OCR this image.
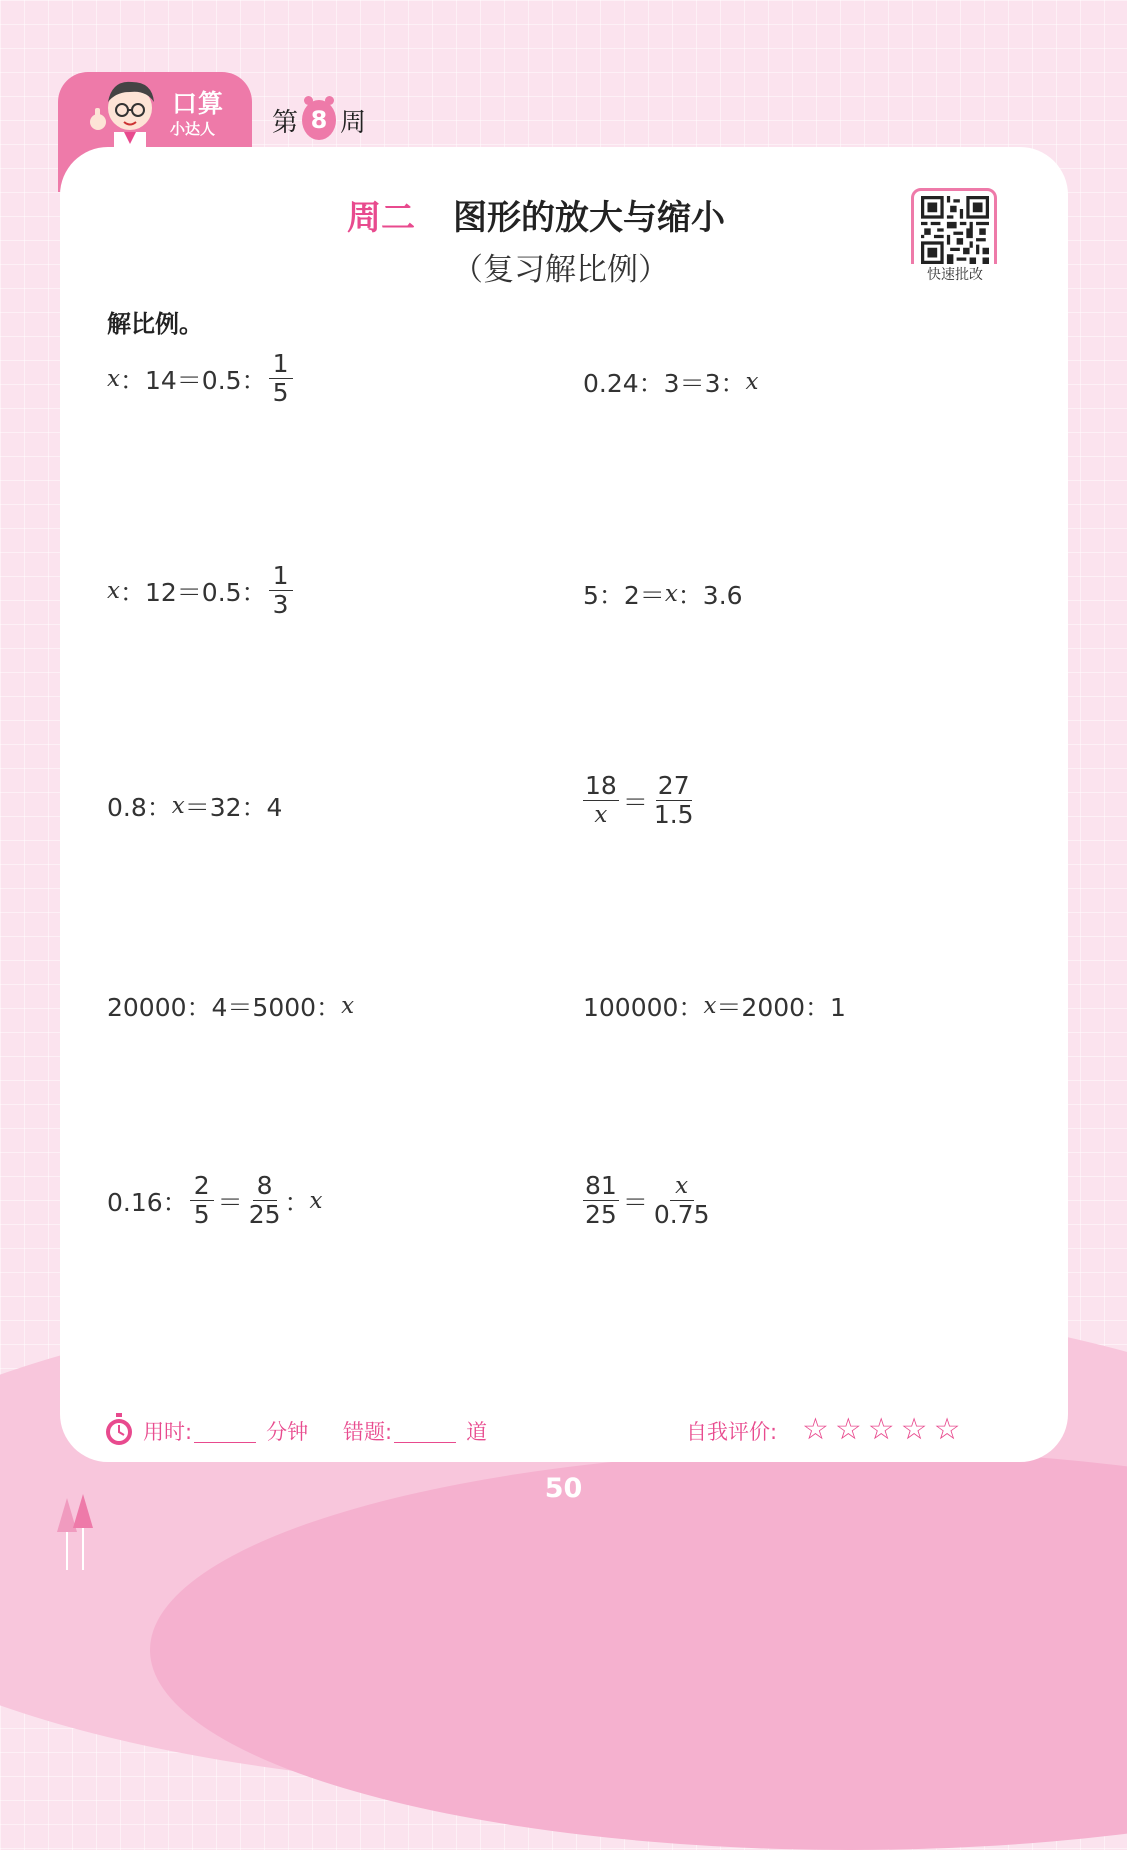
口算
小达人 第 8 周
周二 图形的放大与缩小
（复习解比例）	快速批改
解比例。
x ：14＝0.5： $\frac{1}{5}$	0.24：3＝3： x
x ：12＝0.5： $\frac{1}{3}$	5：2＝ x ：3.6
0.8： x ＝32：4	$\frac{18}{x} = \frac{27}{1.5}$
20000：4＝5000： x	100000： x ＝2000：1
0.16： $\frac{2}{5} = \frac{8}{25}$ ： x	$\frac{81}{25} = \frac{x}{0.75}$
用时:	分钟 错题:	道	自我评价: ☆☆☆☆☆
50
